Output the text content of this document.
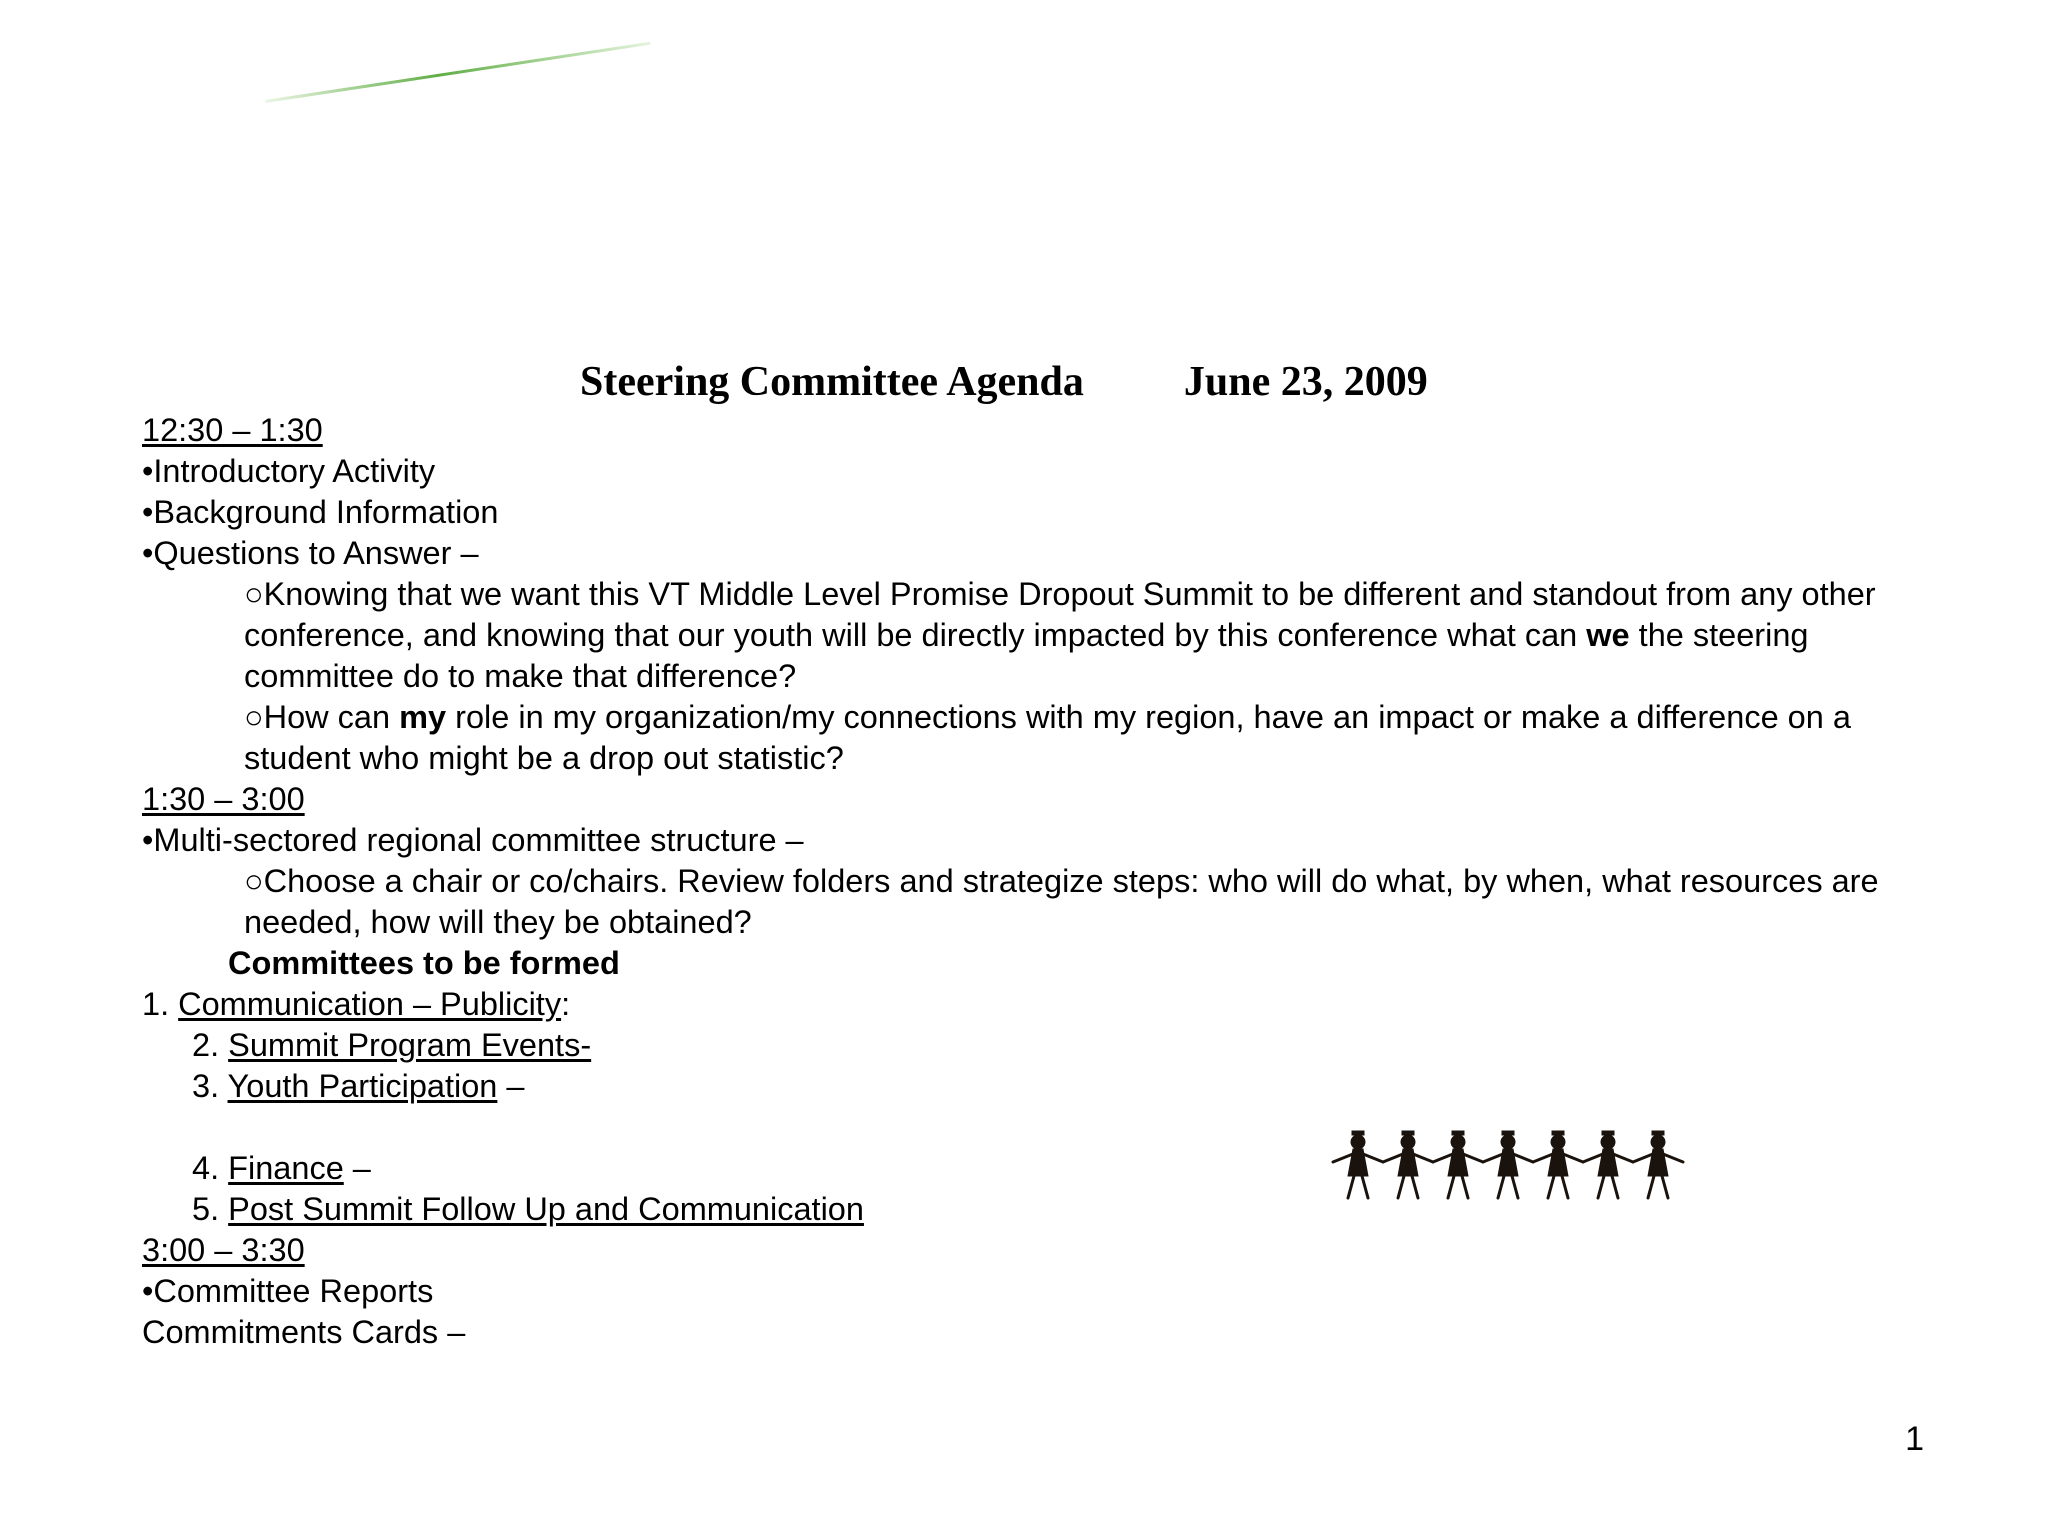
Steering Committee Agenda June 23, 2009
12:30 – 1:30
•Introductory Activity
•Background Information
•Questions to Answer –
○Knowing that we want this VT Middle Level Promise Dropout Summit to be different and standout from any other conference, and knowing that our youth will be directly impacted by this conference what can we the steering committee do to make that difference?
○How can my role in my organization/my connections with my region, have an impact or make a difference on a student who might be a drop out statistic?
1:30 – 3:00
•Multi-sectored regional committee structure –
○Choose a chair or co/chairs. Review folders and strategize steps: who will do what, by when, what resources are needed, how will they be obtained?
Committees to be formed
1. Communication – Publicity:
2. Summit Program Events-
3. Youth Participation –
4. Finance –
5. Post Summit Follow Up and Communication
3:00 – 3:30
•Committee Reports
Commitments Cards –
1
